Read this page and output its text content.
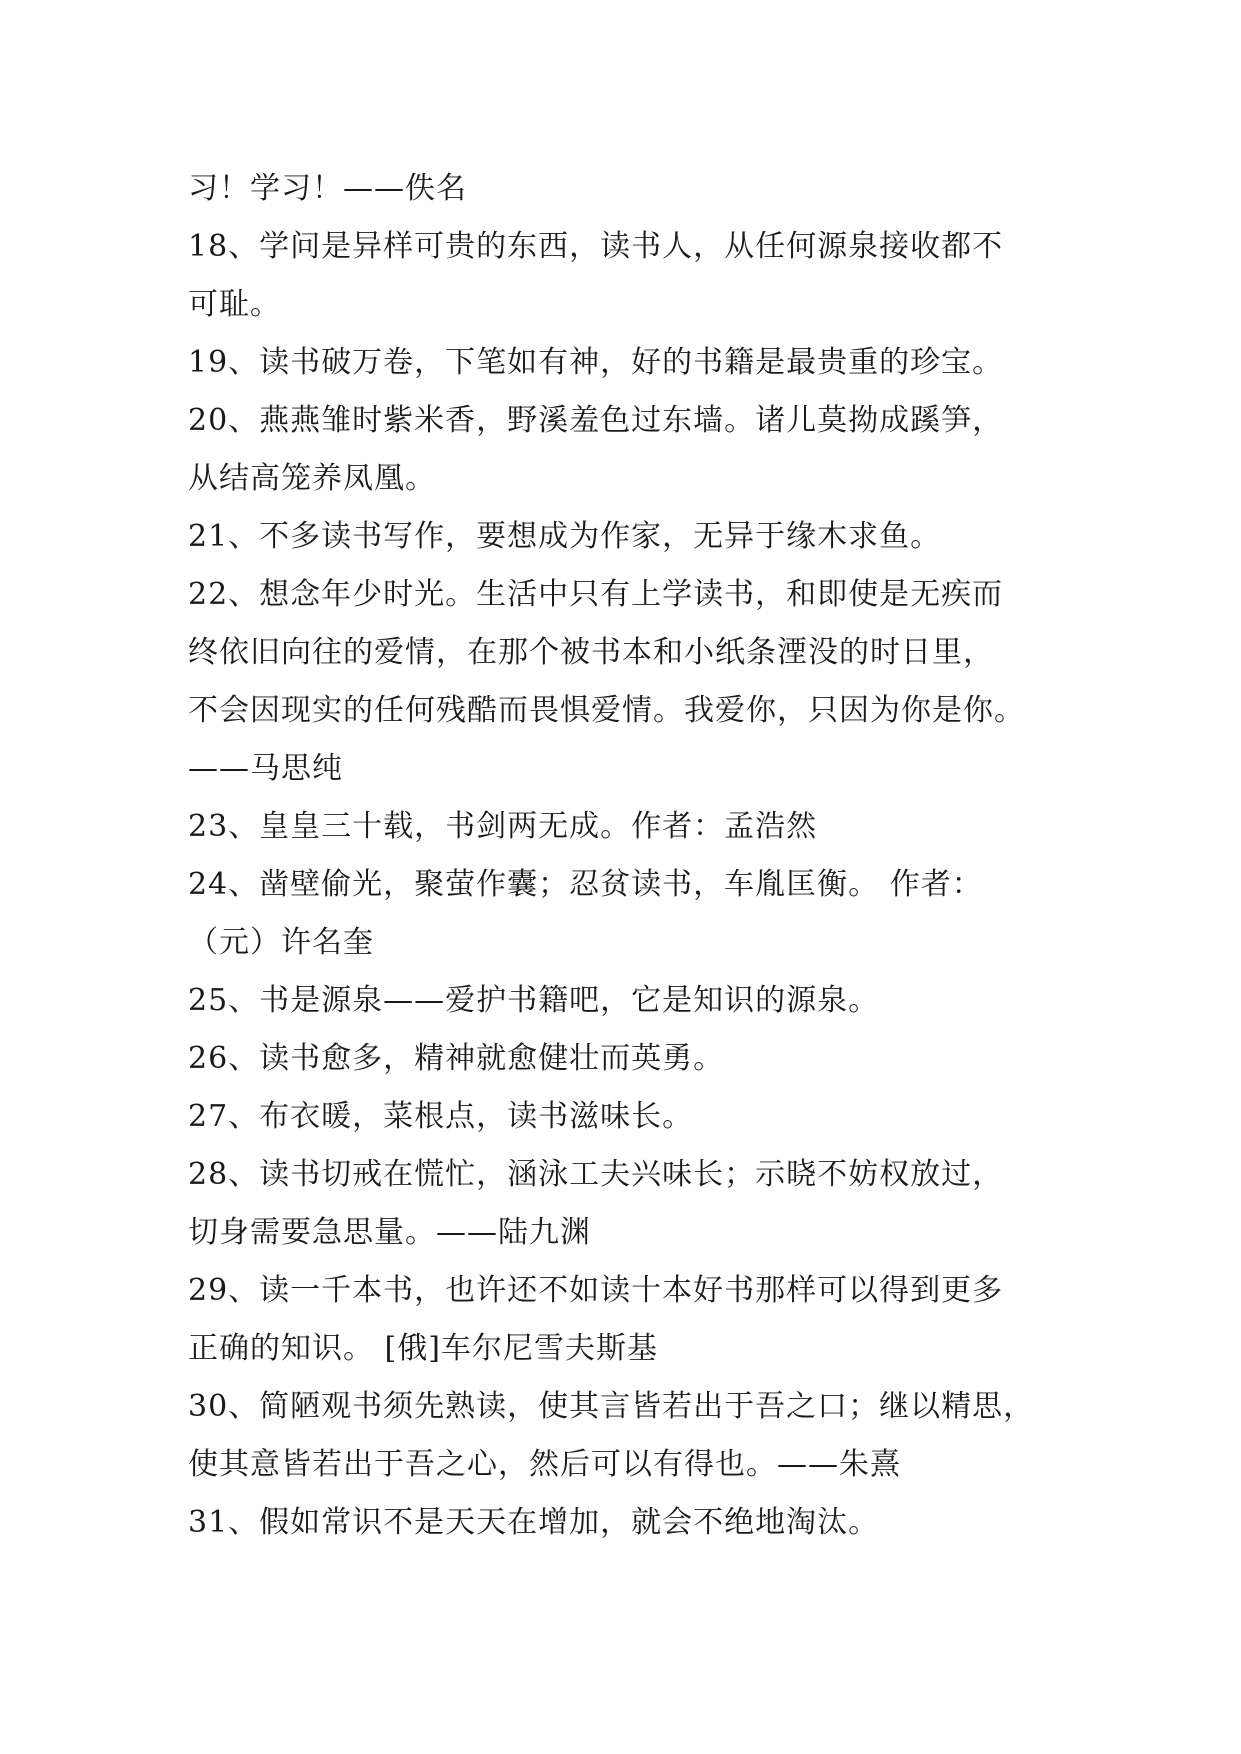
习！学习！——佚名
18、学问是异样可贵的东西，读书人，从任何源泉接收都不
可耻。
19、读书破万卷，下笔如有神，好的书籍是最贵重的珍宝。
20、燕燕雏时紫米香，野溪羞色过东墙。诸儿莫拗成蹊笋，
从结高笼养凤凰。
21、不多读书写作，要想成为作家，无异于缘木求鱼。
22、想念年少时光。生活中只有上学读书，和即使是无疾而
终依旧向往的爱情，在那个被书本和小纸条湮没的时日里，
不会因现实的任何残酷而畏惧爱情。我爱你，只因为你是你。
——马思纯
23、皇皇三十载，书剑两无成。作者：孟浩然
24、凿壁偷光，聚萤作囊；忍贫读书，车胤匡衡。 作者：
（元）许名奎
25、书是源泉——爱护书籍吧，它是知识的源泉。
26、读书愈多，精神就愈健壮而英勇。
27、布衣暖，菜根点，读书滋味长。
28、读书切戒在慌忙，涵泳工夫兴味长；示晓不妨权放过，
切身需要急思量。——陆九渊
29、读一千本书，也许还不如读十本好书那样可以得到更多
正确的知识。 [俄]车尔尼雪夫斯基
30、简陋观书须先熟读，使其言皆若出于吾之口；继以精思，
使其意皆若出于吾之心，然后可以有得也。——朱熹
31、假如常识不是天天在增加，就会不绝地淘汰。
